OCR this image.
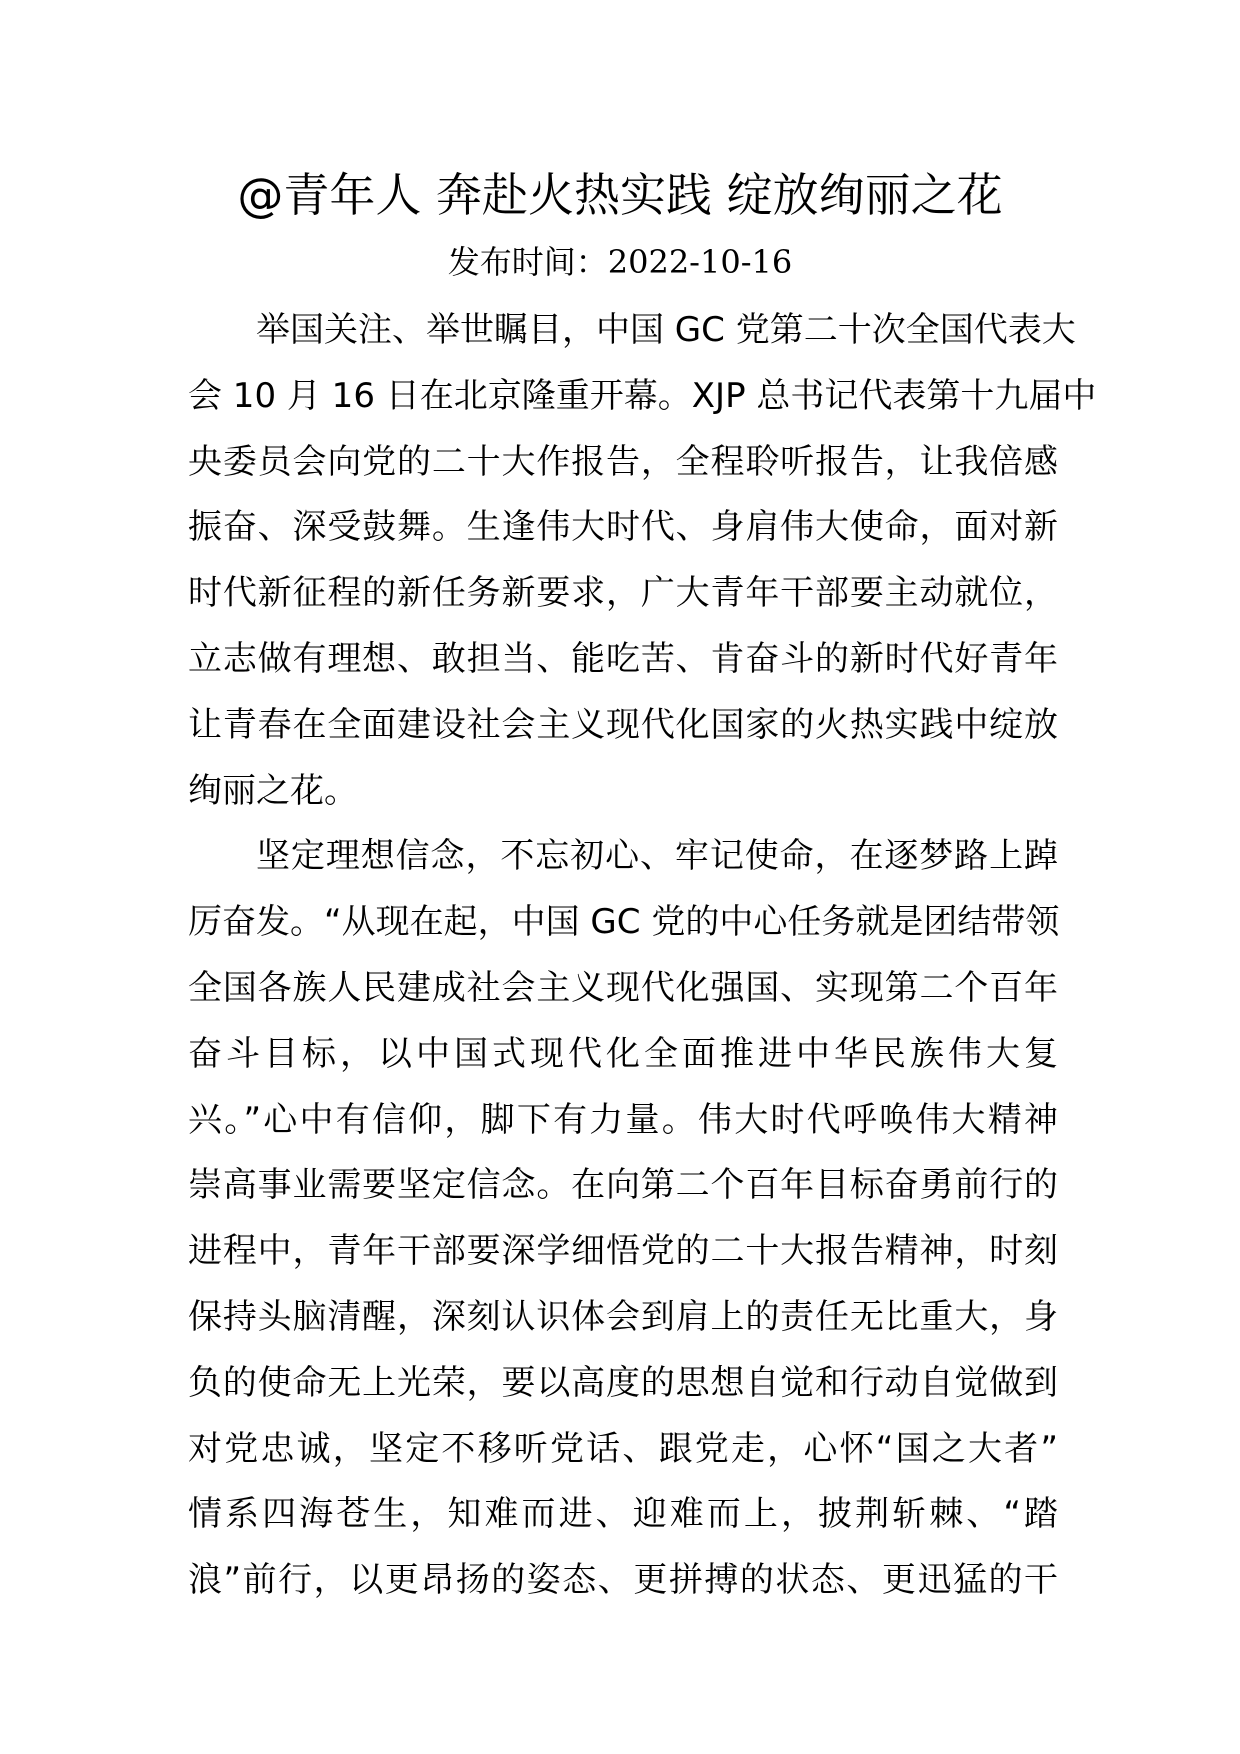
@青年人 奔赴火热实践 绽放绚丽之花
发布时间：2022-10-16
举国关注、举世瞩目，中国 GC 党第二十次全国代表大
会 10 月 16 日在北京隆重开幕。XJP 总书记代表第十九届中
央委员会向党的二十大作报告，全程聆听报告，让我倍感
振奋、深受鼓舞。生逢伟大时代、身肩伟大使命，面对新
时代新征程的新任务新要求，广大青年干部要主动就位，
立志做有理想、敢担当、能吃苦、肯奋斗的新时代好青年
让青春在全面建设社会主义现代化国家的火热实践中绽放
绚丽之花。
坚定理想信念，不忘初心、牢记使命，在逐梦路上踔
厉奋发。“从现在起，中国 GC 党的中心任务就是团结带领
全国各族人民建成社会主义现代化强国、实现第二个百年
奋斗目标，以中国式现代化全面推进中华民族伟大复
兴。”心中有信仰，脚下有力量。伟大时代呼唤伟大精神
崇高事业需要坚定信念。在向第二个百年目标奋勇前行的
进程中，青年干部要深学细悟党的二十大报告精神，时刻
保持头脑清醒，深刻认识体会到肩上的责任无比重大，身
负的使命无上光荣，要以高度的思想自觉和行动自觉做到
对党忠诚，坚定不移听党话、跟党走，心怀“国之大者”
情系四海苍生，知难而进、迎难而上，披荆斩棘、“踏
浪”前行，以更昂扬的姿态、更拼搏的状态、更迅猛的干
